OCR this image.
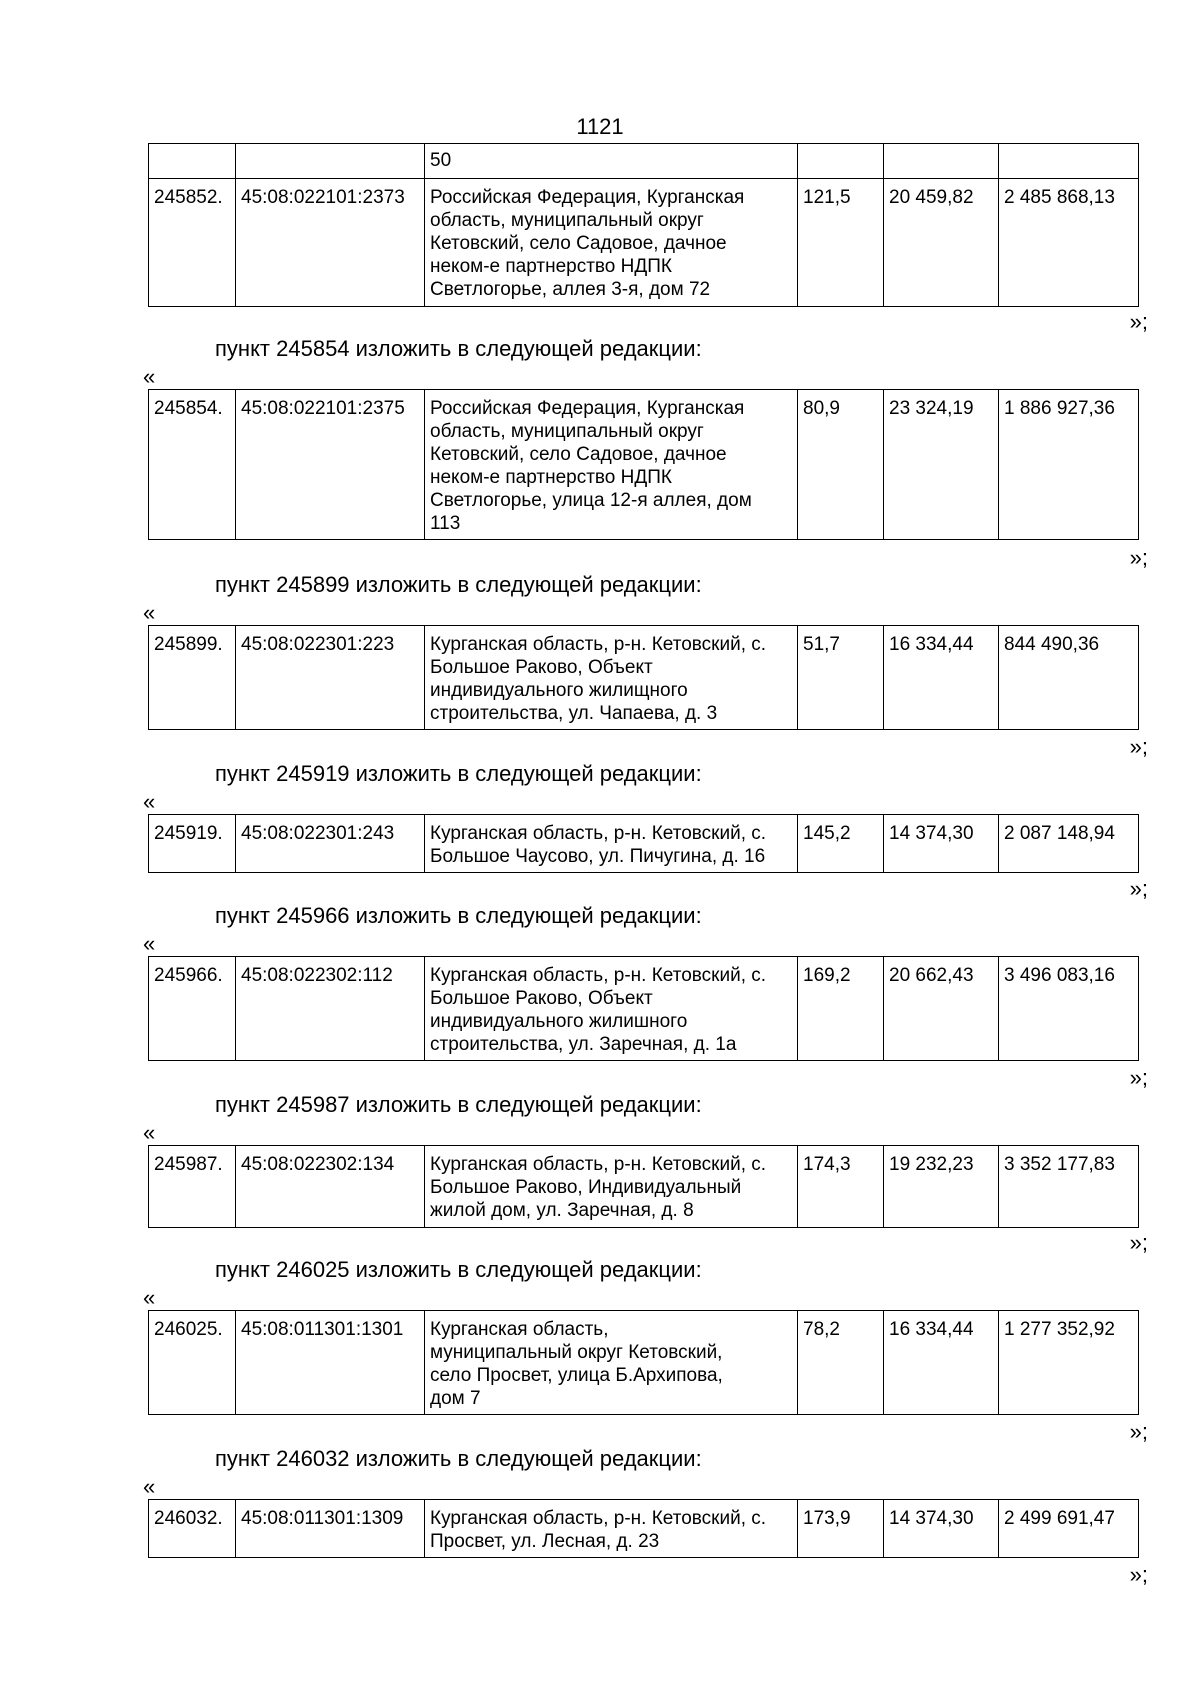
1121
		50			
245852.	45:08:022101:2373	Российская Федерация, Курганская
область, муниципальный округ
Кетовский, село Садовое, дачное
неком-е партнерство НДПК
Светлогорье, аллея 3-я, дом 72	121,5	20 459,82	2 485 868,13
»;
пункт 245854 изложить в следующей редакции:
«
245854.	45:08:022101:2375	Российская Федерация, Курганская
область, муниципальный округ
Кетовский, село Садовое, дачное
неком-е партнерство НДПК
Светлогорье, улица 12-я аллея, дом
113	80,9	23 324,19	1 886 927,36
»;
пункт 245899 изложить в следующей редакции:
«
245899.	45:08:022301:223	Курганская область, р-н. Кетовский, с.
Большое Раково, Объект
индивидуального жилищного
строительства, ул. Чапаева, д. 3	51,7	16 334,44	844 490,36
»;
пункт 245919 изложить в следующей редакции:
«
245919.	45:08:022301:243	Курганская область, р-н. Кетовский, с.
Большое Чаусово, ул. Пичугина, д. 16	145,2	14 374,30	2 087 148,94
»;
пункт 245966 изложить в следующей редакции:
«
245966.	45:08:022302:112	Курганская область, р-н. Кетовский, с.
Большое Раково, Объект
индивидуального жилишного
строительства, ул. Заречная, д. 1а	169,2	20 662,43	3 496 083,16
»;
пункт 245987 изложить в следующей редакции:
«
245987.	45:08:022302:134	Курганская область, р-н. Кетовский, с.
Большое Раково, Индивидуальный
жилой дом, ул. Заречная, д. 8	174,3	19 232,23	3 352 177,83
»;
пункт 246025 изложить в следующей редакции:
«
246025.	45:08:011301:1301	Курганская область,
муниципальный округ Кетовский,
село Просвет, улица Б.Архипова,
дом 7	78,2	16 334,44	1 277 352,92
»;
пункт 246032 изложить в следующей редакции:
«
246032.	45:08:011301:1309	Курганская область, р-н. Кетовский, с.
Просвет, ул. Лесная, д. 23	173,9	14 374,30	2 499 691,47
»;
